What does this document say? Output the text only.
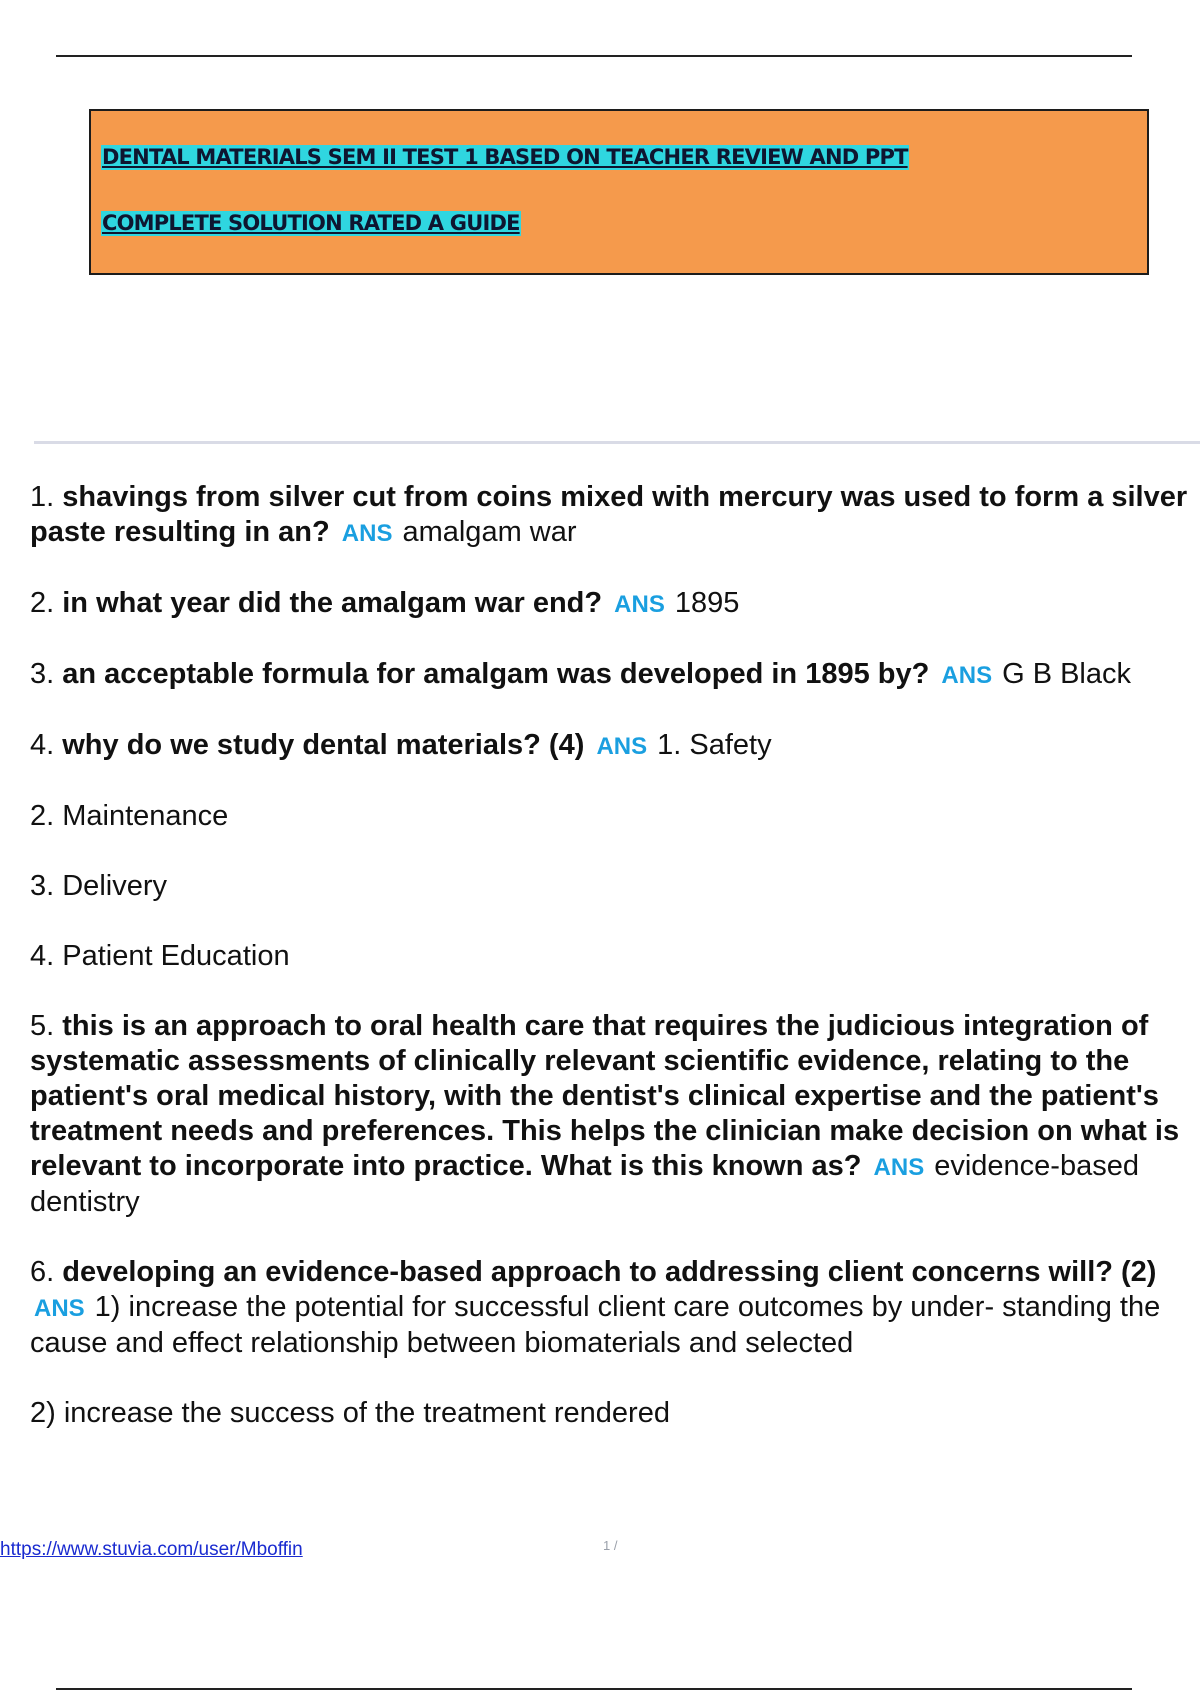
DENTAL MATERIALS SEM II TEST 1 BASED ON TEACHER REVIEW AND PPT
COMPLETE SOLUTION RATED A GUIDE
1. shavings from silver cut from coins mixed with mercury was used to form a silver paste resulting in an? ANS amalgam war
2. in what year did the amalgam war end? ANS 1895
3. an acceptable formula for amalgam was developed in 1895 by? ANS G B Black
4. why do we study dental materials? (4) ANS 1. Safety
2. Maintenance
3. Delivery
4. Patient Education
5. this is an approach to oral health care that requires the judicious integration of systematic assessments of clinically relevant scientific evidence, relating to the patient's oral medical history, with the dentist's clinical expertise and the patient's treatment needs and preferences. This helps the clinician make decision on what is relevant to incorporate into practice. What is this known as? ANS evidence-based dentistry
6. developing an evidence-based approach to addressing client concerns will? (2) ANS 1) increase the potential for successful client care outcomes by under- standing the cause and effect relationship between biomaterials and selected
2) increase the success of the treatment rendered
https://www.stuvia.com/user/Mboffin	1 /
